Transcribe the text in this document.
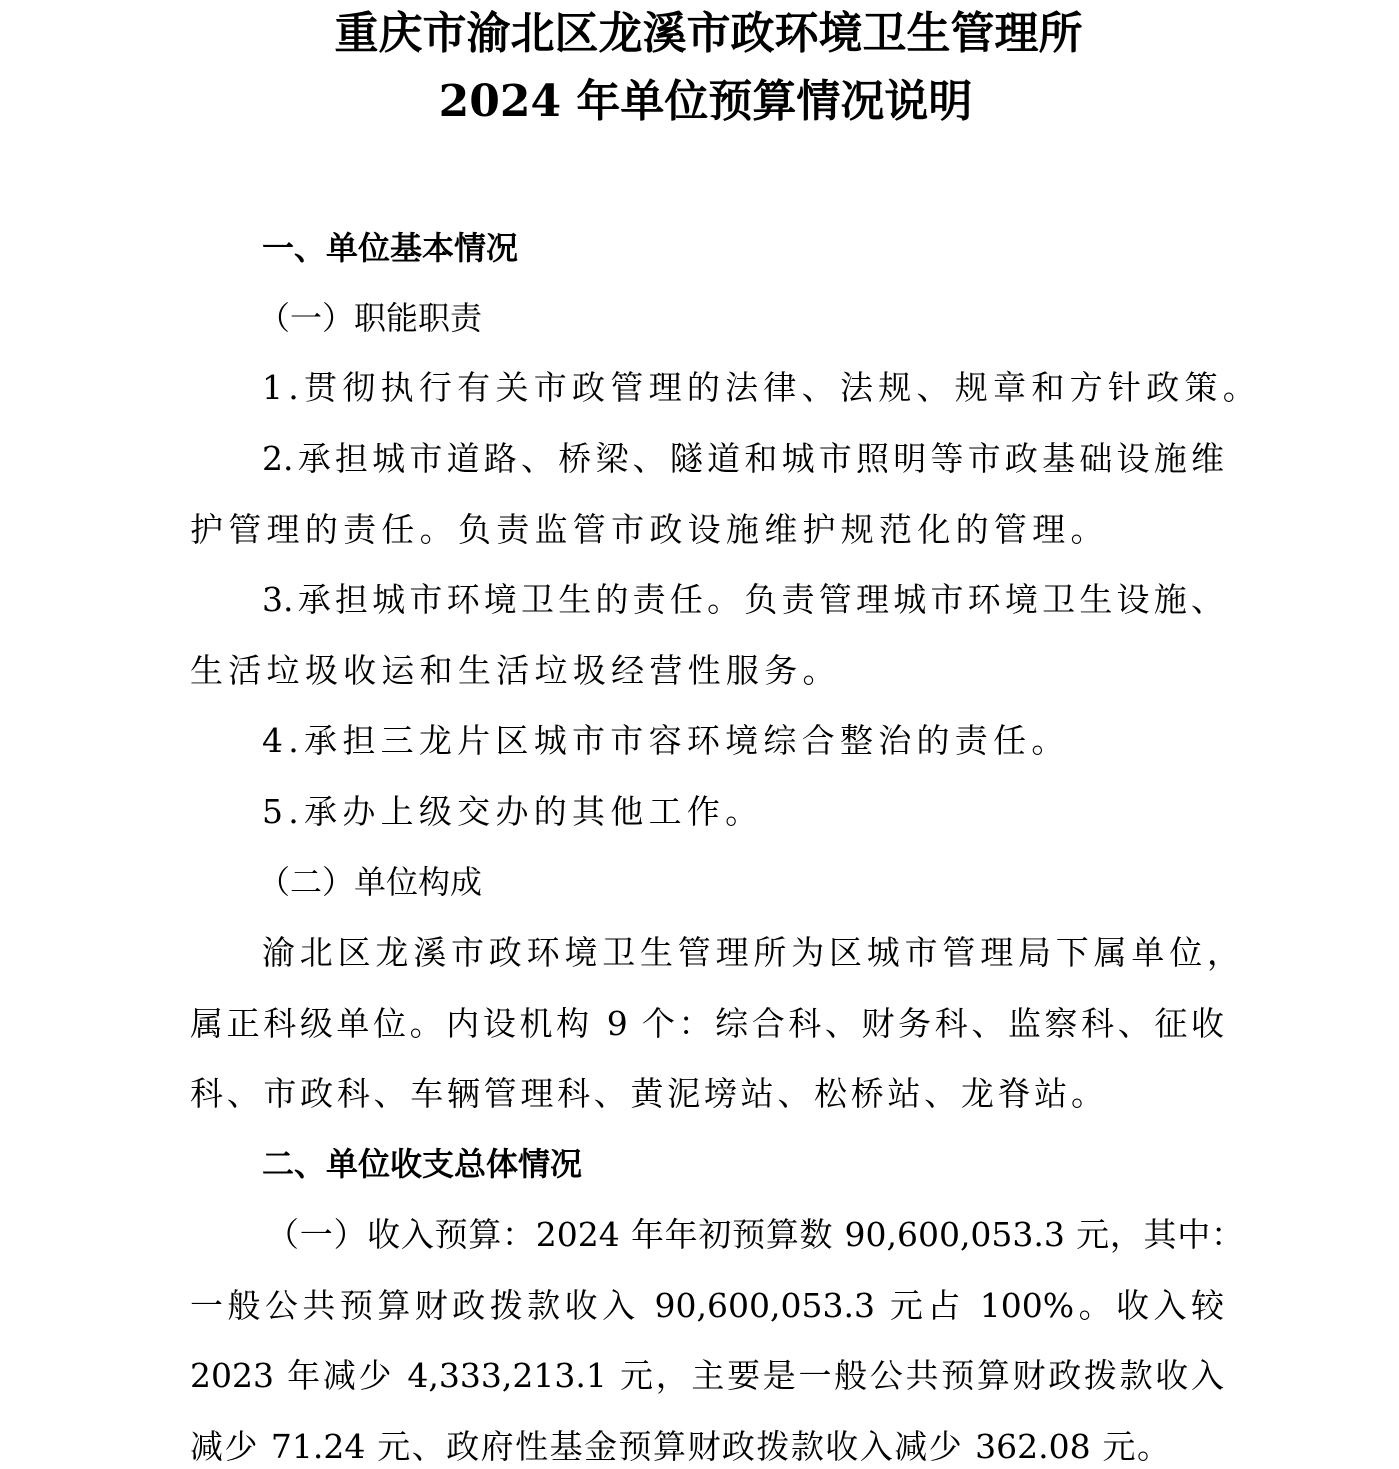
重庆市渝北区龙溪市政环境卫生管理所
2024 年单位预算情况说明

一、单位基本情况

（一）职能职责

1.贯彻执行有关市政管理的法律、法规、规章和方针政策。

2.承担城市道路、桥梁、隧道和城市照明等市政基础设施维

护管理的责任。负责监管市政设施维护规范化的管理。

3.承担城市环境卫生的责任。负责管理城市环境卫生设施、

生活垃圾收运和生活垃圾经营性服务。

4.承担三龙片区城市市容环境综合整治的责任。

5.承办上级交办的其他工作。

（二）单位构成

渝北区龙溪市政环境卫生管理所为区城市管理局下属单位，

属正科级单位。内设机构 9 个：综合科、财务科、监察科、征收

科、市政科、车辆管理科、黄泥塝站、松桥站、龙脊站。

二、单位收支总体情况

（一）收入预算：2024 年年初预算数 90,600,053.3 元，其中：

一般公共预算财政拨款收入 90,600,053.3 元占 100%。收入较

2023 年减少 4,333,213.1 元，主要是一般公共预算财政拨款收入

减少 71.24 元、政府性基金预算财政拨款收入减少 362.08 元。
